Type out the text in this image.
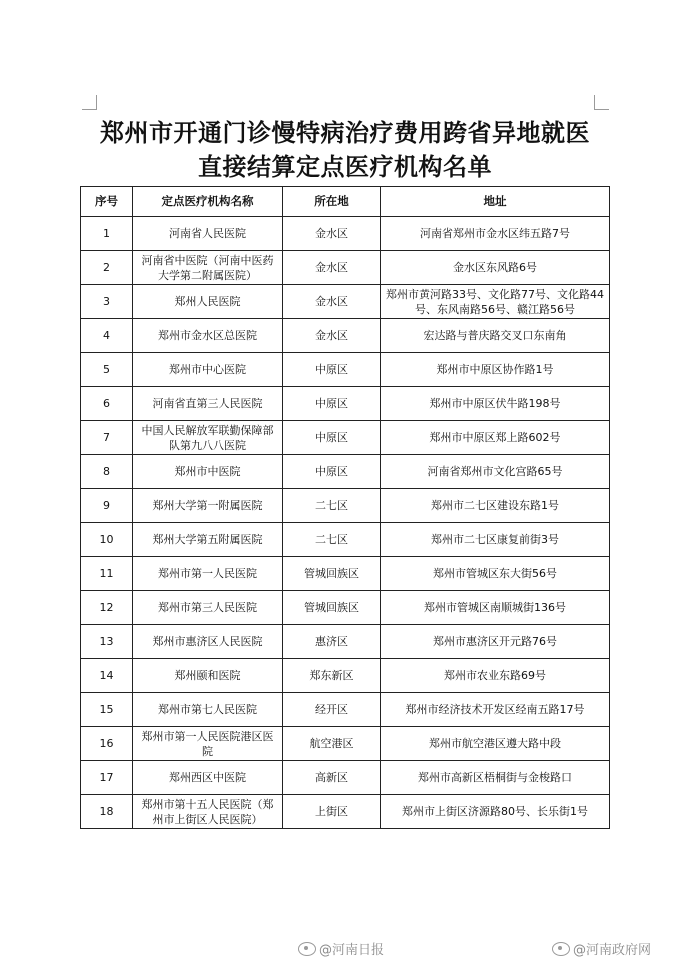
郑州市开通门诊慢特病治疗费用跨省异地就医
直接结算定点医疗机构名单
序号	定点医疗机构名称	所在地	地址
1	河南省人民医院	金水区	河南省郑州市金水区纬五路7号
2	河南省中医院（河南中医药大学第二附属医院）	金水区	金水区东风路6号
3	郑州人民医院	金水区	郑州市黄河路33号、文化路77号、文化路44号、东风南路56号、赣江路56号
4	郑州市金水区总医院	金水区	宏达路与普庆路交叉口东南角
5	郑州市中心医院	中原区	郑州市中原区协作路1号
6	河南省直第三人民医院	中原区	郑州市中原区伏牛路198号
7	中国人民解放军联勤保障部队第九八八医院	中原区	郑州市中原区郑上路602号
8	郑州市中医院	中原区	河南省郑州市文化宫路65号
9	郑州大学第一附属医院	二七区	郑州市二七区建设东路1号
10	郑州大学第五附属医院	二七区	郑州市二七区康复前街3号
11	郑州市第一人民医院	管城回族区	郑州市管城区东大街56号
12	郑州市第三人民医院	管城回族区	郑州市管城区南顺城街136号
13	郑州市惠济区人民医院	惠济区	郑州市惠济区开元路76号
14	郑州颐和医院	郑东新区	郑州市农业东路69号
15	郑州市第七人民医院	经开区	郑州市经济技术开发区经南五路17号
16	郑州市第一人民医院港区医院	航空港区	郑州市航空港区遵大路中段
17	郑州西区中医院	高新区	郑州市高新区梧桐街与金梭路口
18	郑州市第十五人民医院（郑州市上街区人民医院）	上街区	郑州市上街区济源路80号、长乐街1号
@河南日报	@河南政府网
